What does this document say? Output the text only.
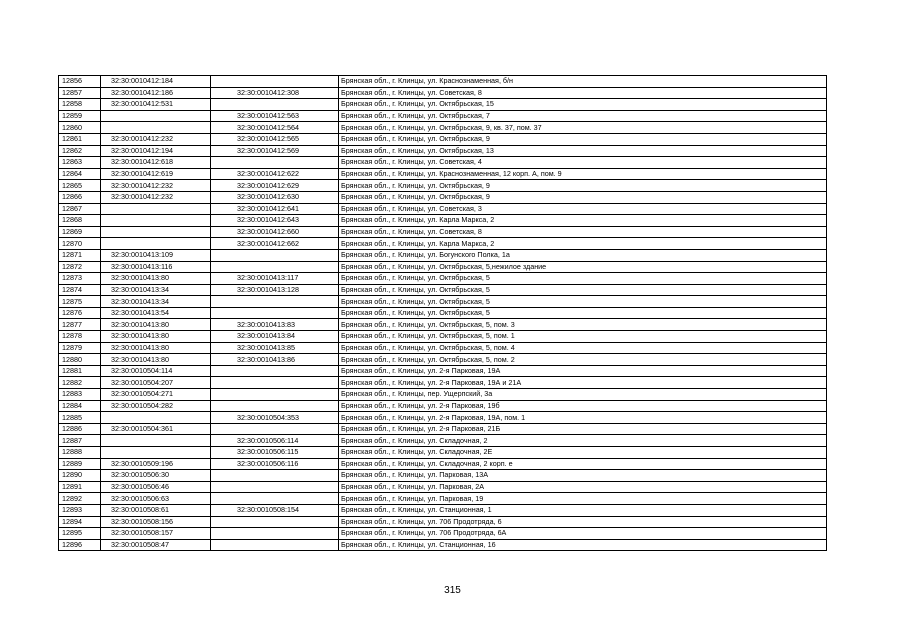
12856	32:30:0010412:184		Брянская обл., г. Клинцы, ул. Краснознаменная, б/н
12857	32:30:0010412:186	32:30:0010412:308	Брянская обл., г. Клинцы, ул. Советская, 8
12858	32:30:0010412:531		Брянская обл., г. Клинцы, ул. Октябрьская, 15
12859		32:30:0010412:563	Брянская обл., г. Клинцы, ул. Октябрьская, 7
12860		32:30:0010412:564	Брянская обл., г. Клинцы, ул. Октябрьская, 9, кв. 37, пом. 37
12861	32:30:0010412:232	32:30:0010412:565	Брянская обл., г. Клинцы, ул. Октябрьская, 9
12862	32:30:0010412:194	32:30:0010412:569	Брянская обл., г. Клинцы, ул. Октябрьская, 13
12863	32:30:0010412:618		Брянская обл., г. Клинцы, ул. Советская, 4
12864	32:30:0010412:619	32:30:0010412:622	Брянская обл., г. Клинцы, ул. Краснознаменная, 12 корп. А, пом. 9
12865	32:30:0010412:232	32:30:0010412:629	Брянская обл., г. Клинцы, ул. Октябрьская, 9
12866	32:30:0010412:232	32:30:0010412:630	Брянская обл., г. Клинцы, ул. Октябрьская, 9
12867		32:30:0010412:641	Брянская обл., г. Клинцы, ул. Советская, 3
12868		32:30:0010412:643	Брянская обл., г. Клинцы, ул. Карла Маркса, 2
12869		32:30:0010412:660	Брянская обл., г. Клинцы, ул. Советская, 8
12870		32:30:0010412:662	Брянская обл., г. Клинцы, ул. Карла Маркса, 2
12871	32:30:0010413:109		Брянская обл., г. Клинцы, ул. Богунского Полка, 1а
12872	32:30:0010413:116		Брянская обл., г. Клинцы, ул. Октябрьская, 5,нежилое здание
12873	32:30:0010413:80	32:30:0010413:117	Брянская обл., г. Клинцы, ул. Октябрьская, 5
12874	32:30:0010413:34	32:30:0010413:128	Брянская обл., г. Клинцы, ул. Октябрьская, 5
12875	32:30:0010413:34		Брянская обл., г. Клинцы, ул. Октябрьская, 5
12876	32:30:0010413:54		Брянская обл., г. Клинцы, ул. Октябрьская, 5
12877	32:30:0010413:80	32:30:0010413:83	Брянская обл., г. Клинцы, ул. Октябрьская, 5, пом. 3
12878	32:30:0010413:80	32:30:0010413:84	Брянская обл., г. Клинцы, ул. Октябрьская, 5, пом. 1
12879	32:30:0010413:80	32:30:0010413:85	Брянская обл., г. Клинцы, ул. Октябрьская, 5, пом. 4
12880	32:30:0010413:80	32:30:0010413:86	Брянская обл., г. Клинцы, ул. Октябрьская, 5, пом. 2
12881	32:30:0010504:114		Брянская обл., г. Клинцы, ул. 2-я Парковая, 19А
12882	32:30:0010504:207		Брянская обл., г. Клинцы, ул. 2-я Парковая, 19А и 21А
12883	32:30:0010504:271		Брянская обл., г. Клинцы, пер. Ущерпский, 3а
12884	32:30:0010504:282		Брянская обл., г. Клинцы, ул. 2-я Парковая, 19б
12885		32:30:0010504:353	Брянская обл., г. Клинцы, ул. 2-я Парковая, 19А, пом. 1
12886	32:30:0010504:361		Брянская обл., г. Клинцы, ул. 2-я Парковая, 21Б
12887		32:30:0010506:114	Брянская обл., г. Клинцы, ул. Складочная, 2
12888		32:30:0010506:115	Брянская обл., г. Клинцы, ул. Складочная, 2Е
12889	32:30:0010509:196	32:30:0010506:116	Брянская обл., г. Клинцы, ул. Складочная, 2 корп. е
12890	32:30:0010506:30		Брянская обл., г. Клинцы, ул. Парковая, 13А
12891	32:30:0010506:46		Брянская обл., г. Клинцы, ул. Парковая, 2А
12892	32:30:0010506:63		Брянская обл., г. Клинцы, ул. Парковая, 19
12893	32:30:0010508:61	32:30:0010508:154	Брянская обл., г. Клинцы, ул. Станционная, 1
12894	32:30:0010508:156		Брянская обл., г. Клинцы, ул. 706 Продотряда, 6
12895	32:30:0010508:157		Брянская обл., г. Клинцы, ул. 706 Продотряда, 6А
12896	32:30:0010508:47		Брянская обл., г. Клинцы, ул. Станционная, 16
315
